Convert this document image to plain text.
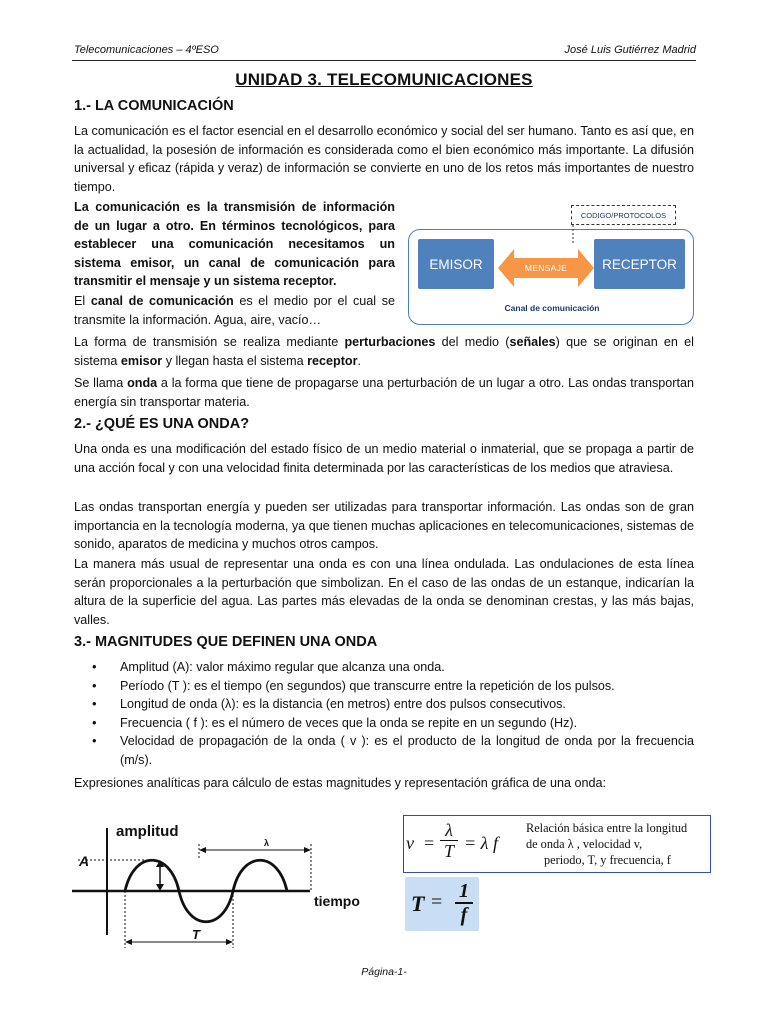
Telecomunicaciones – 4ºESO	José Luis Gutiérrez Madrid
UNIDAD 3. TELECOMUNICACIONES
1.- LA COMUNICACIÓN

La comunicación es el factor esencial en el desarrollo económico y social del ser humano. Tanto es así que, en la actualidad, la posesión de información es considerada como el bien económico más importante. La difusión universal y eficaz (rápida y veraz) de información se convierte en uno de los retos más importantes de nuestro tiempo.

La comunicación es la transmisión de información de un lugar a otro. En términos tecnológicos, para establecer una comunicación necesitamos un sistema emisor, un canal de comunicación para transmitir el mensaje y un sistema receptor.

El canal de comunicación es el medio por el cual se transmite la información. Agua, aire, vacío…

La forma de transmisión se realiza mediante perturbaciones del medio (señales) que se originan en el sistema emisor y llegan hasta el sistema receptor.

Se llama onda a la forma que tiene de propagarse una perturbación de un lugar a otro. Las ondas transportan energía sin transportar materia.

CODIGO/PROTOCOLOS
EMISOR	RECEPTOR
MENSAJE
Canal de comunicación
2.- ¿QUÉ ES UNA ONDA?

Una onda es una modificación del estado físico de un medio material o inmaterial, que se propaga a partir de una acción focal y con una velocidad finita determinada por las características de los medios que atraviesa.

Las ondas transportan energía y pueden ser utilizadas para transportar información. Las ondas son de gran importancia en la tecnología moderna, ya que tienen muchas aplicaciones en telecomunicaciones, sistemas de sonido, aparatos de medicina y muchos otros campos.

La manera más usual de representar una onda es con una línea ondulada. Las ondulaciones de esta línea serán proporcionales a la perturbación que simbolizan. En el caso de las ondas de un estanque, indicarían la altura de la superficie del agua. Las partes más elevadas de la onda se denominan crestas, y las más bajas, valles.

3.- MAGNITUDES QUE DEFINEN UNA ONDA
• Amplitud (A): valor máximo regular que alcanza una onda.
• Período (T ): es el tiempo (en segundos) que transcurre entre la repetición de los pulsos.
• Longitud de onda (λ): es la distancia (en metros) entre dos pulsos consecutivos.
• Frecuencia ( f ): es el número de veces que la onda se repite en un segundo (Hz).
• Velocidad de propagación de la onda ( v ): es el producto de la longitud de onda por la frecuencia (m/s).

Expresiones analíticas para cálculo de estas magnitudes y representación gráfica de una onda:

amplitud
tiempo
A
T
λ	v =
λ
T = λ f
Relación básica entre la longitud
de onda λ , velocidad v,
periodo, T, y frecuencia, f
T = 1
f
Página-1-
